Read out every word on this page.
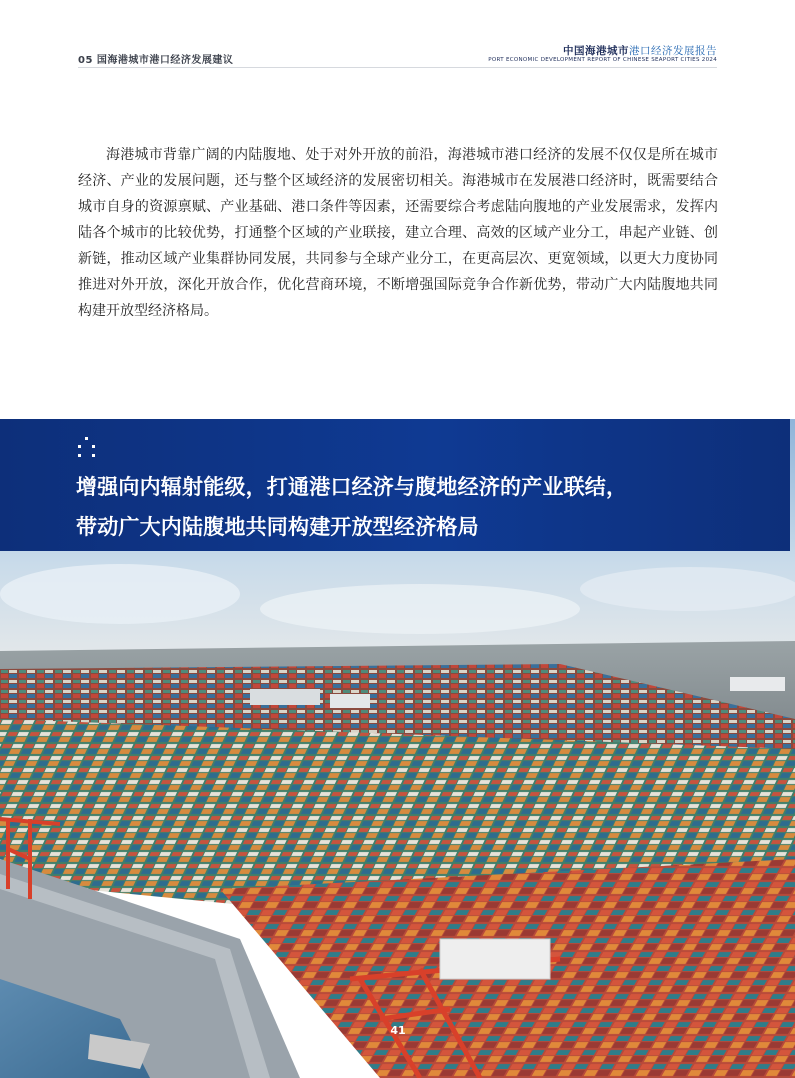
05 国海港城市港口经济发展建议
中国海港城市港口经济发展报告
PORT ECONOMIC DEVELOPMENT REPORT OF CHINESE SEAPORT CITIES 2024
海港城市背靠广阔的内陆腹地、处于对外开放的前沿，海港城市港口经济的发展不仅仅是所在城市经济、产业的发展问题，还与整个区域经济的发展密切相关。海港城市在发展港口经济时，既需要结合城市自身的资源禀赋、产业基础、港口条件等因素，还需要综合考虑陆向腹地的产业发展需求，发挥内陆各个城市的比较优势，打通整个区域的产业联接，建立合理、高效的区域产业分工，串起产业链、创新链，推动区域产业集群协同发展，共同参与全球产业分工，在更高层次、更宽领域，以更大力度协同推进对外开放，深化开放合作，优化营商环境，不断增强国际竞争合作新优势，带动广大内陆腹地共同构建开放型经济格局。
增强向内辐射能级，打通港口经济与腹地经济的产业联结，
带动广大内陆腹地共同构建开放型经济格局
41
